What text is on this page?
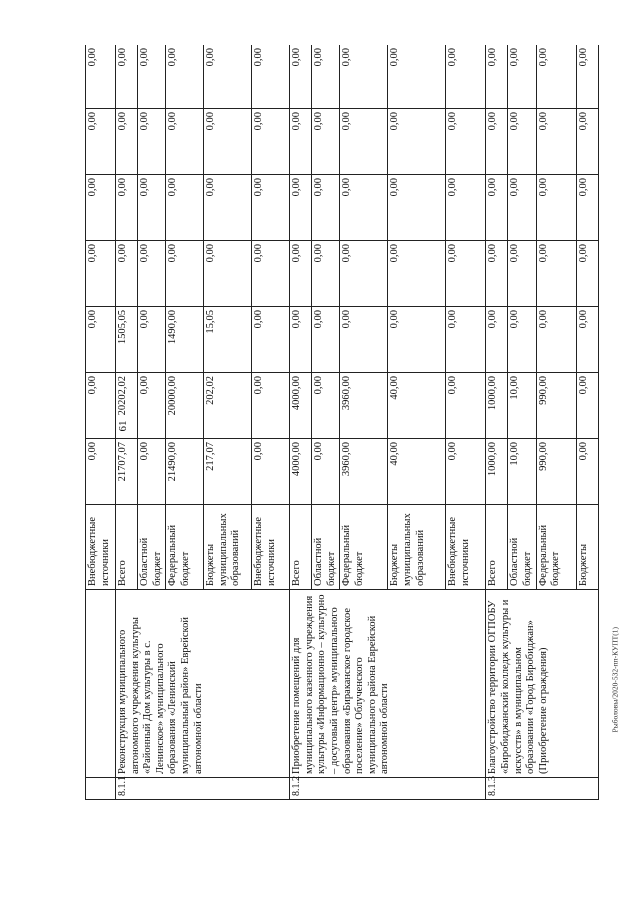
61
Рыболовы/2020-532-пп-КУПТ(1)
		Внебюджетные источники	0,00	0,00	0,00	0,00	0,00	0,00	0,00
8.1.1	Реконструкция муниципального автономного учреждения культуры «Районный Дом культуры в с. Ленинское» муниципального образования «Ленинский муниципальный район» Еврейской автономной области	Всего	21707,07	20202,02	1505,05	0,00	0,00	0,00	0,00
		Областной бюджет	0,00	0,00	0,00	0,00	0,00	0,00	0,00
		Федеральный бюджет	21490,00	20000,00	1490,00	0,00	0,00	0,00	0,00
		Бюджеты муниципальных образований	217,07	202,02	15,05	0,00	0,00	0,00	0,00
		Внебюджетные источники	0,00	0,00	0,00	0,00	0,00	0,00	0,00
8.1.2	Приобретение помещений для муниципального казенного учреждения культуры «Информационно – культурно – досуговый центр» муниципального образования «Бираканское городское поселение» Облученского муниципального района Еврейской автономной области	Всего	4000,00	4000,00	0,00	0,00	0,00	0,00	0,00
		Областной бюджет	0,00	0,00	0,00	0,00	0,00	0,00	0,00
		Федеральный бюджет	3960,00	3960,00	0,00	0,00	0,00	0,00	0,00
		Бюджеты муниципальных образований	40,00	40,00	0,00	0,00	0,00	0,00	0,00
		Внебюджетные источники	0,00	0,00	0,00	0,00	0,00	0,00	0,00
8.1.3	Благоустройство территории ОГПОБУ «Биробиджанский колледж культуры и искусств» в муниципальном образовании «Город Биробиджан» (Приобретение ограждения)	Всего	1000,00	1000,00	0,00	0,00	0,00	0,00	0,00
		Областной бюджет	10,00	10,00	0,00	0,00	0,00	0,00	0,00
		Федеральный бюджет	990,00	990,00	0,00	0,00	0,00	0,00	0,00
		Бюджеты	0,00	0,00	0,00	0,00	0,00	0,00	0,00
